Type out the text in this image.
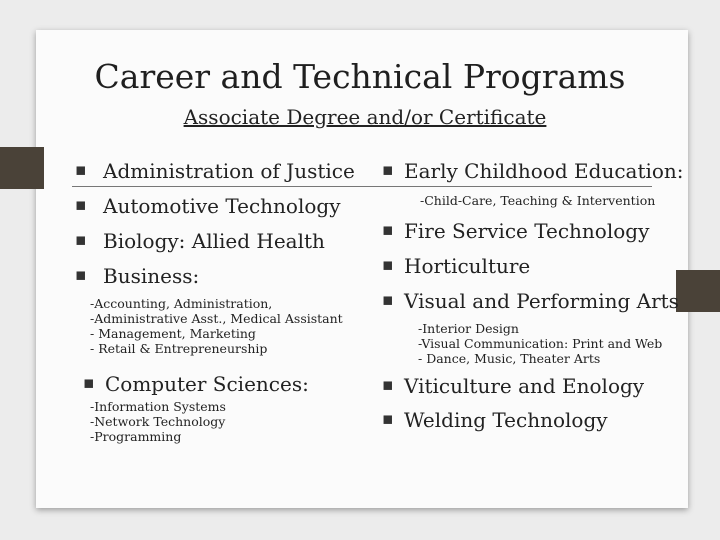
Career and Technical Programs
Associate Degree and/or Certificate
▪
Administration of Justice
▪
Automotive Technology
▪
Biology: Allied Health
▪
Business:
-Accounting, Administration,
-Administrative Asst., Medical Assistant
- Management, Marketing
- Retail & Entrepreneurship
▪
Computer Sciences:
-Information Systems
-Network Technology
-Programming
▪
Early Childhood Education:
-Child-Care, Teaching & Intervention
▪
Fire Service Technology
▪
Horticulture
▪
Visual and Performing Arts
-Interior Design
-Visual Communication: Print and Web
- Dance, Music, Theater Arts
▪
Viticulture and Enology
▪
Welding Technology
